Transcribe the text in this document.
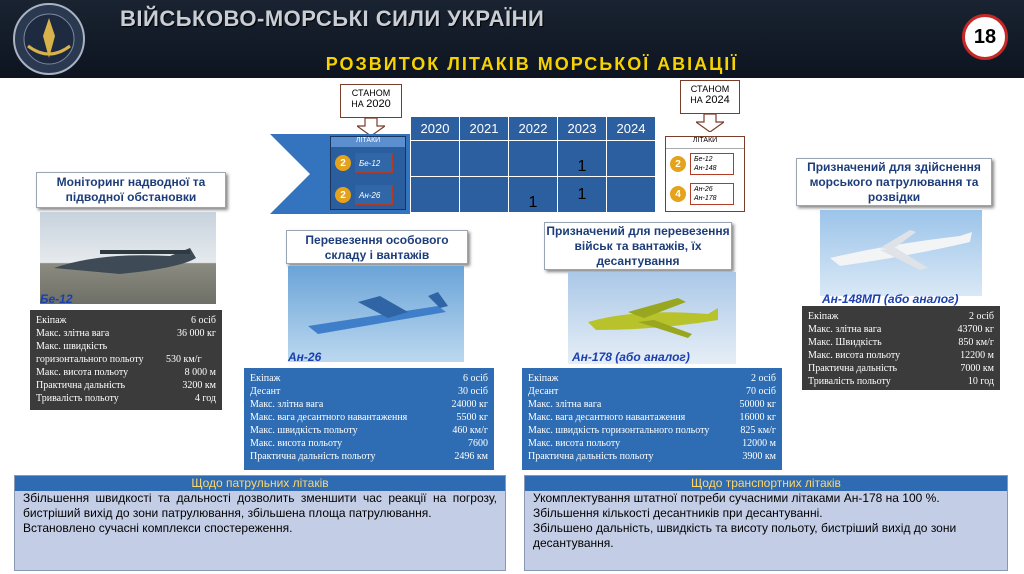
ВІЙСЬКОВО-МОРСЬКІ СИЛИ УКРАЇНИ
РОЗВИТОК ЛІТАКІВ МОРСЬКОЇ АВІАЦІЇ
18
СТАНОМ
НА 2020
СТАНОМ
НА 2024
ЛІТАКИ
2	Бе-12
2	Ан-26
2020	2021	2022	2023	2024
			1	
		1	1	
ЛІТАКИ
2	Бе-12
Ан-148
4	Ан-26
Ан-178
Моніторинг надводної та підводної обстановки
Бе-12
Екіпаж	6 осіб
Макс. злітна вага	36 000 кг
Макс. швидкість горизонтального польоту	530 км/г
Макс. висота польоту	8 000 м
Практична дальність	3200 км
Тривалість польоту	4 год
Перевезення особового складу і вантажів
Ан-26
Екіпаж	6 осіб
Десант	30 осіб
Макс. злітна вага	24000 кг
Макс. вага десантного навантаження	5500 кг
Макс. швидкість польоту	460 км/г
Макс. висота польоту	7600
Практична дальність польоту	2496 км
Призначений для перевезення військ та вантажів, їх десантування
Ан-178 (або аналог)
Екіпаж	2 осіб
Десант	70 осіб
Макс. злітна вага	50000 кг
Макс. вага десантного навантаження	16000 кг
Макс. швидкість горизонтального польоту	825 км/г
Макс. висота польоту	12000 м
Практична дальність польоту	3900 км
Призначений для здійснення морського патрулювання та розвідки
Ан-148МП (або аналог)
Екіпаж	2 осіб
Макс. злітна вага	43700 кг
Макс. Швидкість	850 км/г
Макс. висота польоту	12200 м
Практична дальність	7000 км
Тривалість польоту	10 год
Щодо патрульних літаків

Збільшення швидкості та дальності дозволить зменшити час реакції на погрозу, бистріший вихід до зони патрулювання, збільшена площа патрулювання.

Встановлено сучасні комплекси спостереження.

Щодо транспортних літаків

Укомплектування штатної потреби сучасними літаками Ан-178 на 100 %.

Збільшення кількості десантників при десантуванні.

Збільшено дальність, швидкість та висоту польоту, бистріший вихід до зони десантування.
